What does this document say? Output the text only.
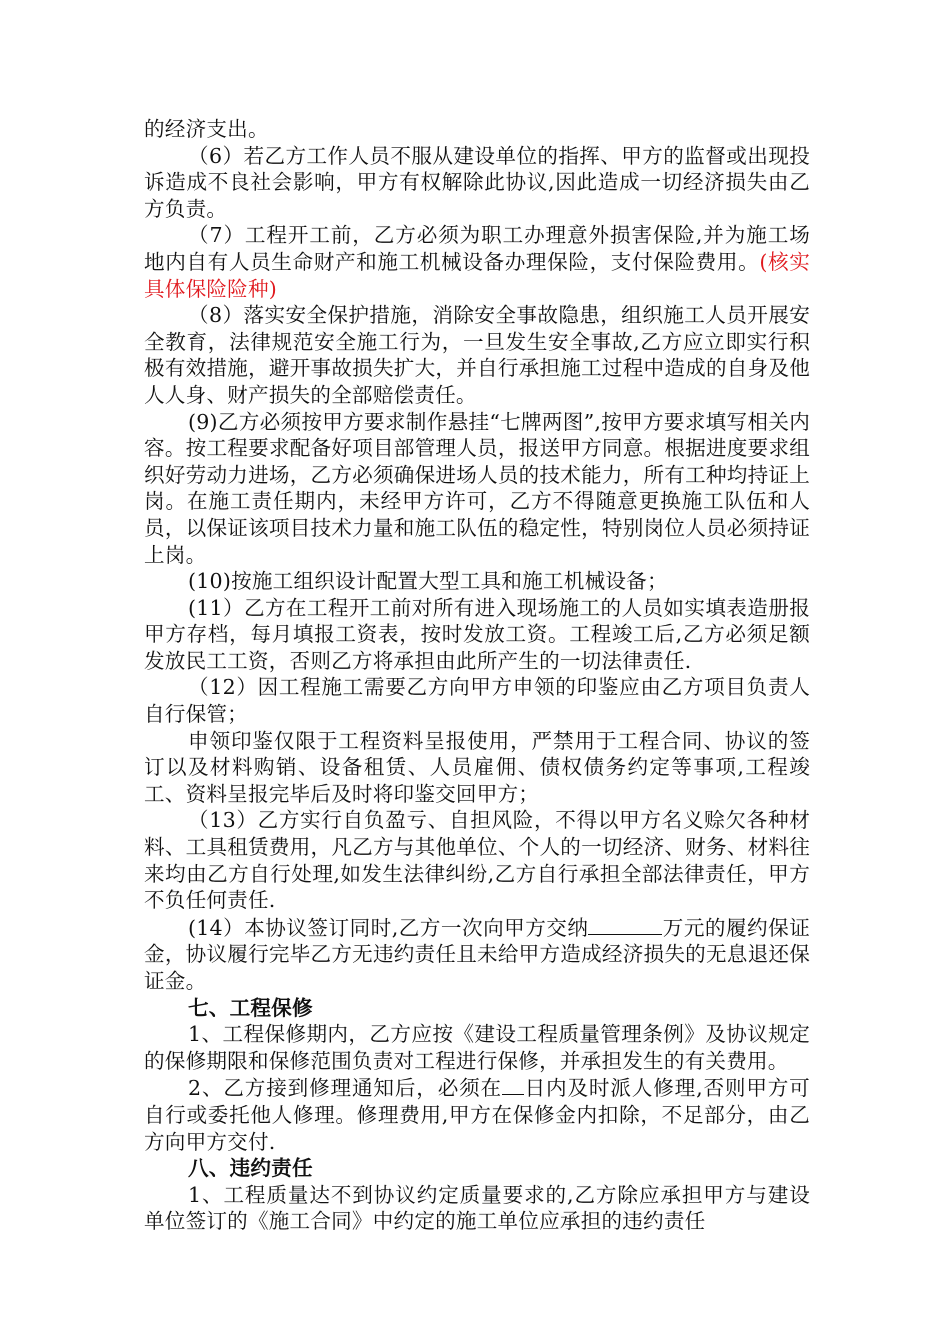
的经济支出。

（6）若乙方工作人员不服从建设单位的指挥、甲方的监督或出现投诉造成不良社会影响，甲方有权解除此协议,因此造成一切经济损失由乙方负责。

（7）工程开工前，乙方必须为职工办理意外损害保险,并为施工场地内自有人员生命财产和施工机械设备办理保险，支付保险费用。(核实具体保险险种)

（8）落实安全保护措施，消除安全事故隐患，组织施工人员开展安全教育，法律规范安全施工行为，一旦发生安全事故,乙方应立即实行积极有效措施，避开事故损失扩大，并自行承担施工过程中造成的自身及他人人身、财产损失的全部赔偿责任。

(9)乙方必须按甲方要求制作悬挂“七牌两图”,按甲方要求填写相关内容。按工程要求配备好项目部管理人员，报送甲方同意。根据进度要求组织好劳动力进场，乙方必须确保进场人员的技术能力，所有工种均持证上岗。在施工责任期内，未经甲方许可，乙方不得随意更换施工队伍和人员，以保证该项目技术力量和施工队伍的稳定性，特别岗位人员必须持证上岗。

(10)按施工组织设计配置大型工具和施工机械设备；

(11）乙方在工程开工前对所有进入现场施工的人员如实填表造册报甲方存档，每月填报工资表，按时发放工资。工程竣工后,乙方必须足额发放民工工资，否则乙方将承担由此所产生的一切法律责任.

（12）因工程施工需要乙方向甲方申领的印鉴应由乙方项目负责人自行保管；

申领印鉴仅限于工程资料呈报使用，严禁用于工程合同、协议的签订以及材料购销、设备租赁、人员雇佣、债权债务约定等事项,工程竣工、资料呈报完毕后及时将印鉴交回甲方；

（13）乙方实行自负盈亏、自担风险，不得以甲方名义赊欠各种材料、工具租赁费用，凡乙方与其他单位、个人的一切经济、财务、材料往来均由乙方自行处理,如发生法律纠纷,乙方自行承担全部法律责任，甲方不负任何责任.

(14）本协议签订同时,乙方一次向甲方交纳	万元的履约保证金，协议履行完毕乙方无违约责任且未给甲方造成经济损失的无息退还保证金。

七、工程保修

1、工程保修期内，乙方应按《建设工程质量管理条例》及协议规定的保修期限和保修范围负责对工程进行保修，并承担发生的有关费用。

2、乙方接到修理通知后，必须在 日内及时派人修理,否则甲方可自行或委托他人修理。修理费用,甲方在保修金内扣除，不足部分，由乙方向甲方交付.

八、违约责任

1、工程质量达不到协议约定质量要求的,乙方除应承担甲方与建设单位签订的《施工合同》中约定的施工单位应承担的违约责任
